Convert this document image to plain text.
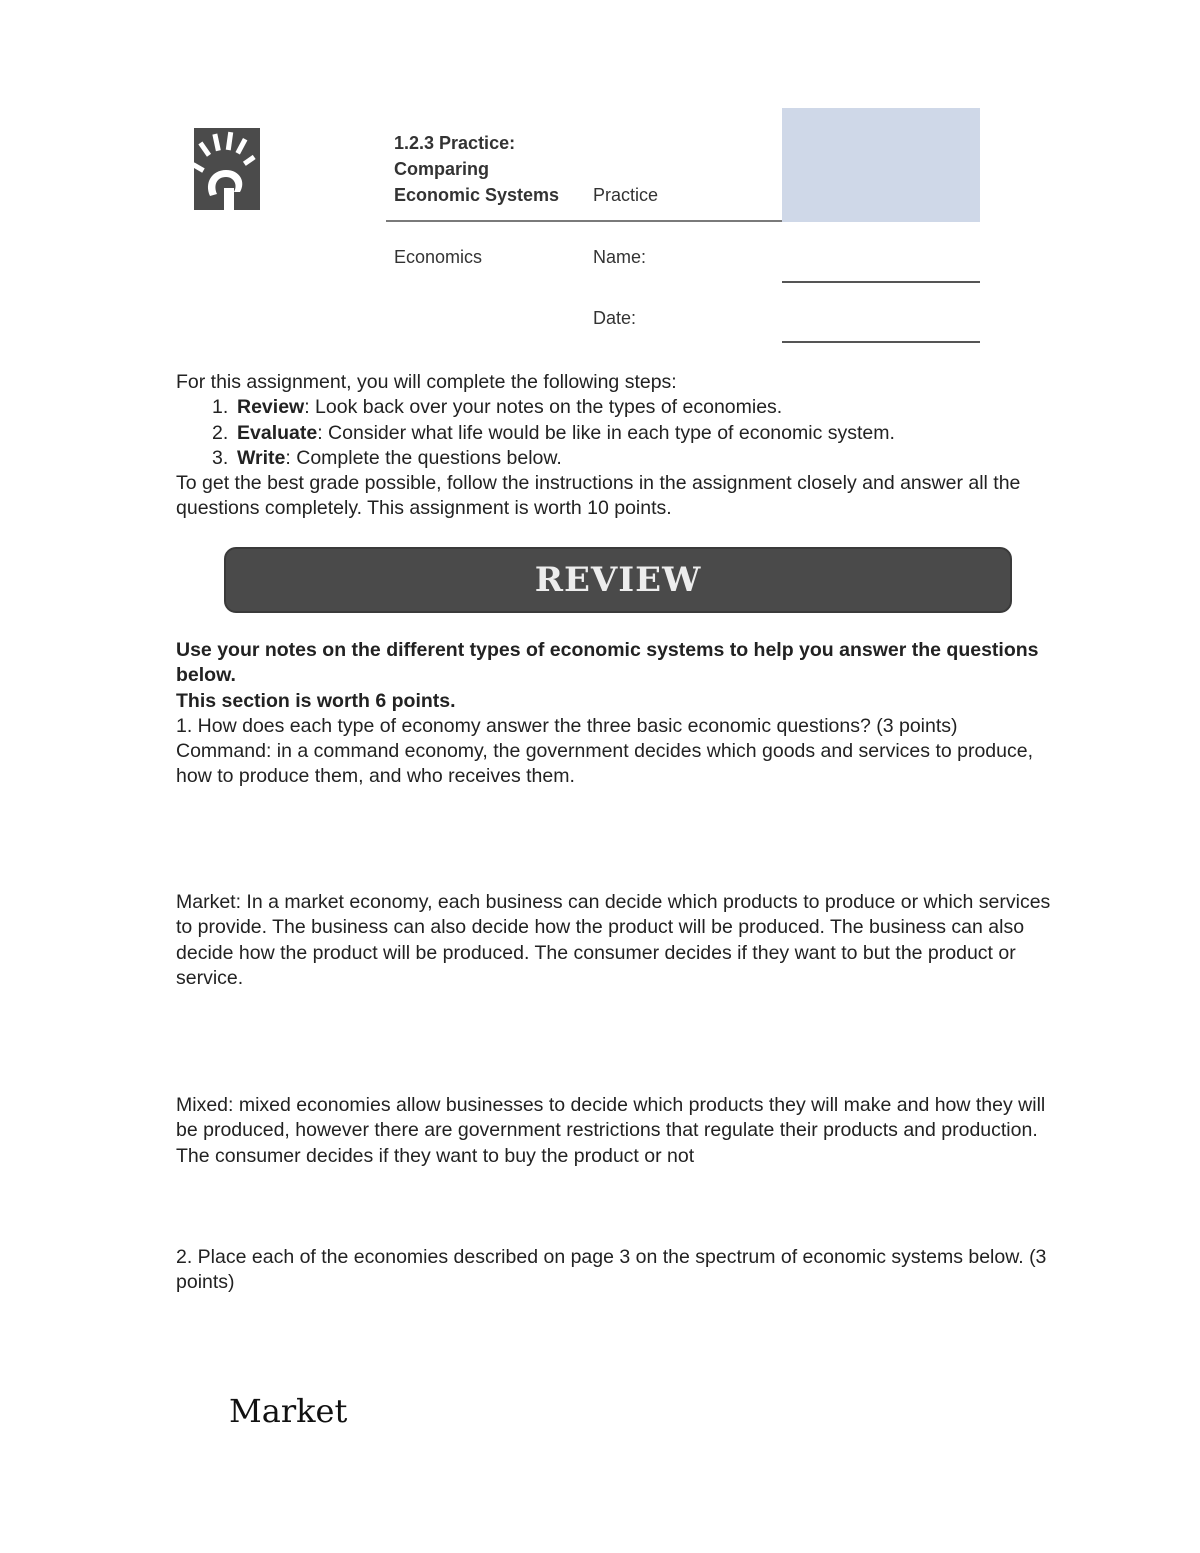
1.2.3 Practice:
Comparing
Economic Systems Practice
Economics	Name:
Date:
For this assignment, you will complete the following steps:
1. Review: Look back over your notes on the types of economies.
2. Evaluate: Consider what life would be like in each type of economic system.
3. Write: Complete the questions below.
To get the best grade possible, follow the instructions in the assignment closely and answer all the questions completely. This assignment is worth 10 points.
REVIEW
Use your notes on the different types of economic systems to help you answer the questions below.
This section is worth 6 points.
1. How does each type of economy answer the three basic economic questions? (3 points)
Command: in a command economy, the government decides which goods and services to produce, how to produce them, and who receives them.
Market: In a market economy, each business can decide which products to produce or which services to provide. The business can also decide how the product will be produced. The business can also decide how the product will be produced. The consumer decides if they want to but the product or service.
Mixed: mixed economies allow businesses to decide which products they will make and how they will be produced, however there are government restrictions that regulate their products and production. The consumer decides if they want to buy the product or not
2. Place each of the economies described on page 3 on the spectrum of economic systems below. (3 points)
Market
